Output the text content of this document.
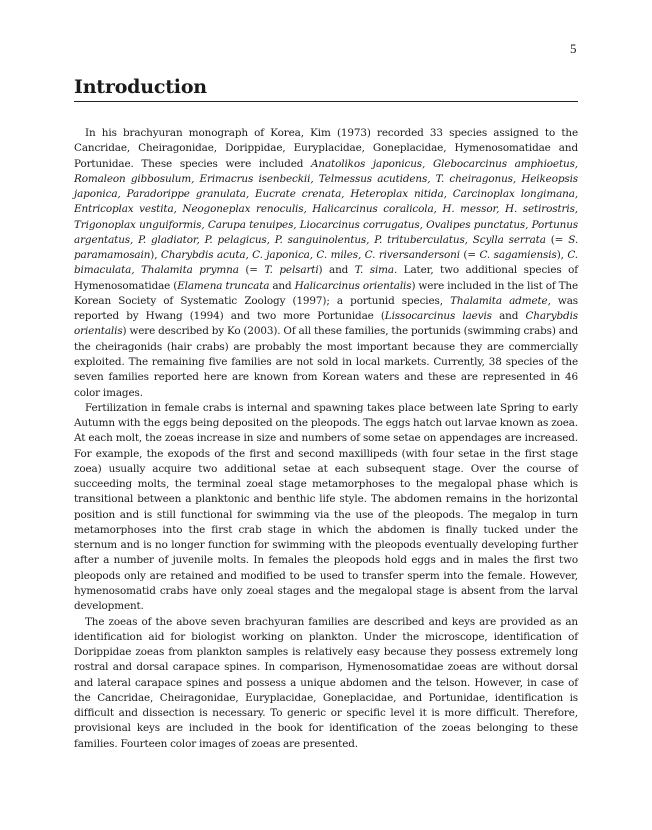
5
Introduction

In his brachyuran monograph of Korea, Kim (1973) recorded 33 species assigned to the Cancridae, Cheiragonidae, Dorippidae, Euryplacidae, Goneplacidae, Hymenosomatidae and Portunidae. These species were included Anatolikos japonicus, Glebocarcinus amphioetus, Romaleon gibbosulum, Erimacrus isenbeckii, Telmessus acutidens, T. cheiragonus, Heikeopsis japonica, Paradorippe granulata, Eucrate crenata, Heteroplax nitida, Carcinoplax longimana, Entricoplax vestita, Neogoneplax renoculis, Halicarcinus coralicola, H. messor, H. setirostris, Trigonoplax unguiformis, Carupa tenuipes, Liocarcinus corrugatus, Ovalipes punctatus, Portunus argentatus, P. gladiator, P. pelagicus, P. sanguinolentus, P. trituberculatus, Scylla serrata (= S. paramamosain), Charybdis acuta, C. japonica, C. miles, C. riversandersoni (= C. sagamiensis), C. bimaculata, Thalamita prymna (= T. pelsarti) and T. sima. Later, two additional species of Hymenosomatidae (Elamena truncata and Halicarcinus orientalis) were included in the list of The Korean Society of Systematic Zoology (1997); a portunid species, Thalamita admete, was reported by Hwang (1994) and two more Portunidae (Lissocarcinus laevis and Charybdis orientalis) were described by Ko (2003). Of all these families, the portunids (swimming crabs) and the cheiragonids (hair crabs) are probably the most important because they are commercially exploited. The remaining five families are not sold in local markets. Currently, 38 species of the seven families reported here are known from Korean waters and these are represented in 46 color images.

Fertilization in female crabs is internal and spawning takes place between late Spring to early Autumn with the eggs being deposited on the pleopods. The eggs hatch out larvae known as zoea. At each molt, the zoeas increase in size and numbers of some setae on appendages are increased. For example, the exopods of the first and second maxillipeds (with four setae in the first stage zoea) usually acquire two additional setae at each subsequent stage. Over the course of succeeding molts, the terminal zoeal stage metamorphoses to the megalopal phase which is transitional between a planktonic and benthic life style. The abdomen remains in the horizontal position and is still functional for swimming via the use of the pleopods. The megalop in turn metamorphoses into the first crab stage in which the abdomen is finally tucked under the sternum and is no longer function for swimming with the pleopods eventually developing further after a number of juvenile molts. In females the pleopods hold eggs and in males the first two pleopods only are retained and modified to be used to transfer sperm into the female. However, hymenosomatid crabs have only zoeal stages and the megalopal stage is absent from the larval development.

The zoeas of the above seven brachyuran families are described and keys are provided as an identification aid for biologist working on plankton. Under the microscope, identification of Dorippidae zoeas from plankton samples is relatively easy because they possess extremely long rostral and dorsal carapace spines. In comparison, Hymenosomatidae zoeas are without dorsal and lateral carapace spines and possess a unique abdomen and the telson. However, in case of the Cancridae, Cheiragonidae, Euryplacidae, Goneplacidae, and Portunidae, identification is difficult and dissection is necessary. To generic or specific level it is more difficult. Therefore, provisional keys are included in the book for identification of the zoeas belonging to these families. Fourteen color images of zoeas are presented.
